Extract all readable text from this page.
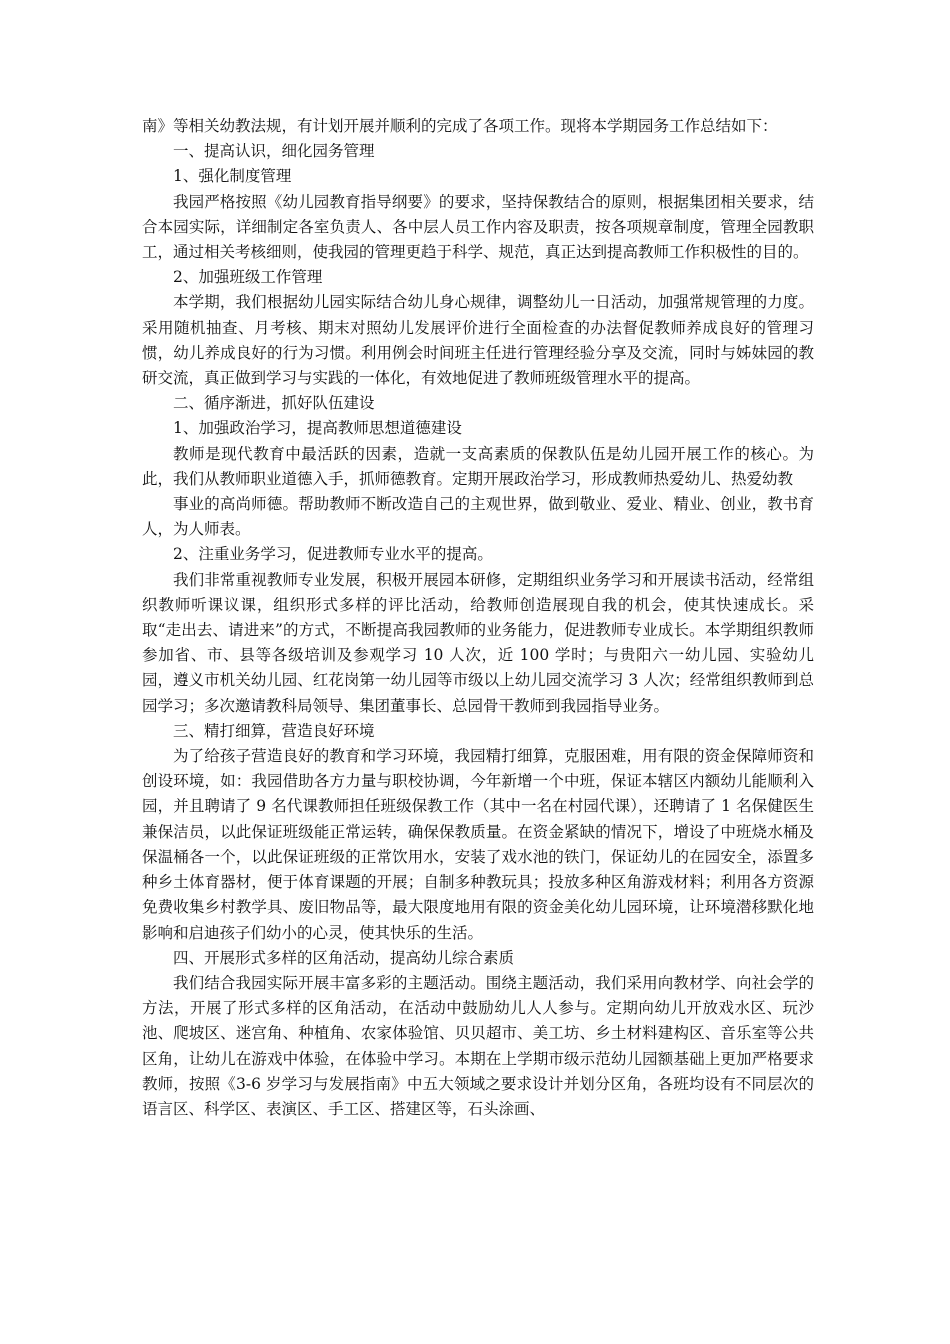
南》等相关幼教法规，有计划开展并顺利的完成了各项工作。现将本学期园务工作总结如下：

一、提高认识，细化园务管理

1、强化制度管理

我园严格按照《幼儿园教育指导纲要》的要求，坚持保教结合的原则，根据集团相关要求，结合本园实际，详细制定各室负责人、各中层人员工作内容及职责，按各项规章制度，管理全园教职工，通过相关考核细则，使我园的管理更趋于科学、规范，真正达到提高教师工作积极性的目的。

2、加强班级工作管理

本学期，我们根据幼儿园实际结合幼儿身心规律，调整幼儿一日活动，加强常规管理的力度。采用随机抽查、月考核、期末对照幼儿发展评价进行全面检查的办法督促教师养成良好的管理习惯，幼儿养成良好的行为习惯。利用例会时间班主任进行管理经验分享及交流，同时与姊妹园的教研交流，真正做到学习与实践的一体化，有效地促进了教师班级管理水平的提高。

二、循序渐进，抓好队伍建设

1、加强政治学习，提高教师思想道德建设

教师是现代教育中最活跃的因素，造就一支高素质的保教队伍是幼儿园开展工作的核心。为此，我们从教师职业道德入手，抓师德教育。定期开展政治学习，形成教师热爱幼儿、热爱幼教

事业的高尚师德。帮助教师不断改造自己的主观世界，做到敬业、爱业、精业、创业，教书育人，为人师表。

2、注重业务学习，促进教师专业水平的提高。

我们非常重视教师专业发展，积极开展园本研修，定期组织业务学习和开展读书活动，经常组织教师听课议课，组织形式多样的评比活动，给教师创造展现自我的机会，使其快速成长。采取“走出去、请进来”的方式，不断提高我园教师的业务能力，促进教师专业成长。本学期组织教师参加省、市、县等各级培训及参观学习 10 人次，近 100 学时；与贵阳六一幼儿园、实验幼儿园，遵义市机关幼儿园、红花岗第一幼儿园等市级以上幼儿园交流学习 3 人次；经常组织教师到总园学习；多次邀请教科局领导、集团董事长、总园骨干教师到我园指导业务。

三、精打细算，营造良好环境

为了给孩子营造良好的教育和学习环境，我园精打细算，克服困难，用有限的资金保障师资和创设环境，如：我园借助各方力量与职校协调，今年新增一个中班，保证本辖区内额幼儿能顺利入园，并且聘请了 9 名代课教师担任班级保教工作（其中一名在村园代课），还聘请了 1 名保健医生兼保洁员，以此保证班级能正常运转，确保保教质量。在资金紧缺的情况下，增设了中班烧水桶及保温桶各一个，以此保证班级的正常饮用水，安装了戏水池的铁门，保证幼儿的在园安全，添置多种乡土体育器材，便于体育课题的开展；自制多种教玩具；投放多种区角游戏材料；利用各方资源免费收集乡村教学具、废旧物品等，最大限度地用有限的资金美化幼儿园环境，让环境潜移默化地影响和启迪孩子们幼小的心灵，使其快乐的生活。

四、开展形式多样的区角活动，提高幼儿综合素质

我们结合我园实际开展丰富多彩的主题活动。围绕主题活动，我们采用向教材学、向社会学的方法，开展了形式多样的区角活动，在活动中鼓励幼儿人人参与。定期向幼儿开放戏水区、玩沙池、爬坡区、迷宫角、种植角、农家体验馆、贝贝超市、美工坊、乡土材料建构区、音乐室等公共区角，让幼儿在游戏中体验，在体验中学习。本期在上学期市级示范幼儿园额基础上更加严格要求教师，按照《3-6 岁学习与发展指南》中五大领域之要求设计并划分区角，各班均设有不同层次的语言区、科学区、表演区、手工区、搭建区等，石头涂画、
